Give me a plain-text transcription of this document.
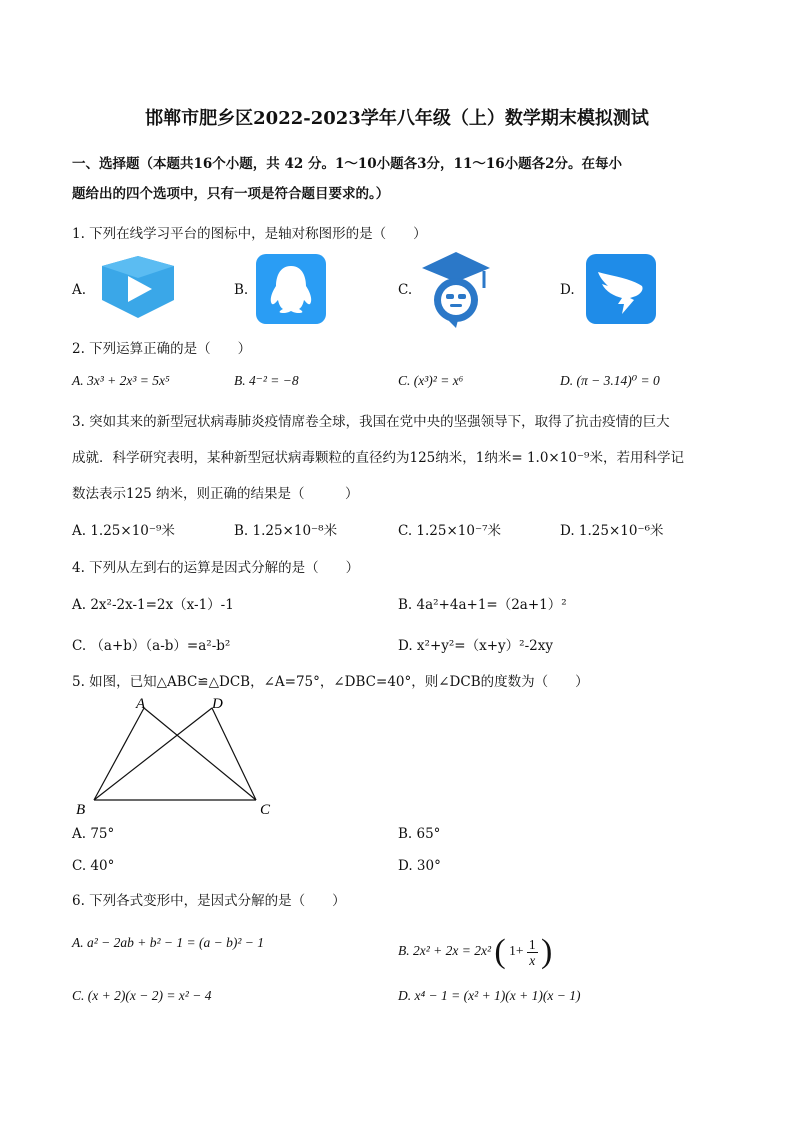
邯郸市肥乡区2022-2023学年八年级（上）数学期末模拟测试
一、选择题（本题共16个小题，共 42 分。1～10小题各3分，11～16小题各2分。在每小
题给出的四个选项中，只有一项是符合题目要求的。）
1. 下列在线学习平台的图标中，是轴对称图形的是（　　）
A.	B.	C.	D.
2. 下列运算正确的是（　　）
A. 3x³ + 2x³ = 5x⁵	B. 4⁻² = −8	C. (x³)² = x⁶	D. (π − 3.14)⁰ = 0
3. 突如其来的新型冠状病毒肺炎疫情席卷全球，我国在党中央的坚强领导下，取得了抗击疫情的巨大
成就．科学研究表明，某种新型冠状病毒颗粒的直径约为125纳米，1纳米= 1.0×10⁻⁹米，若用科学记
数法表示125 纳米，则正确的结果是（　　　）
A. 1.25×10⁻⁹米	B. 1.25×10⁻⁸米	C. 1.25×10⁻⁷米	D. 1.25×10⁻⁶米
4. 下列从左到右的运算是因式分解的是（　　）
A. 2x²-2x-1=2x（x-1）-1	B. 4a²+4a+1=（2a+1）²
C. （a+b）（a-b）=a²-b²	D. x²+y²=（x+y）²-2xy
5. 如图，已知△ABC≌△DCB，∠A=75°，∠DBC=40°，则∠DCB的度数为（　　）
A	D
B	C
A. 75°	B. 65°
C. 40°	D. 30°
6. 下列各式变形中，是因式分解的是（　　）
A. a² − 2ab + b² − 1 = (a − b)² − 1
B. 2x² + 2x = 2x² ( $1+ \frac{1}{x}$ )
C. (x + 2)(x − 2) = x² − 4	D. x⁴ − 1 = (x² + 1)(x + 1)(x − 1)
